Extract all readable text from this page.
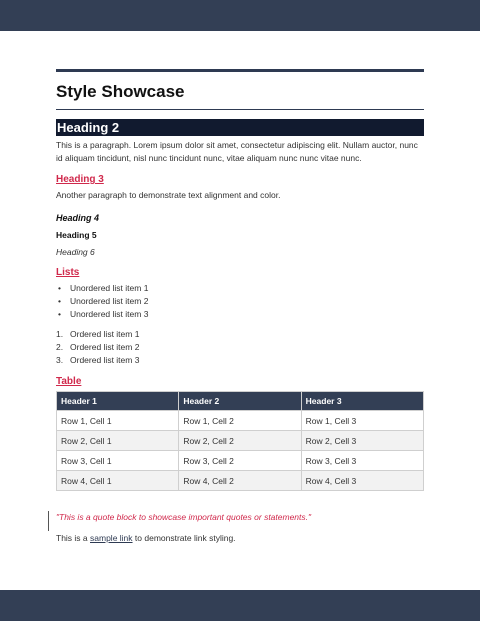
Style Showcase
Heading 2

This is a paragraph. Lorem ipsum dolor sit amet, consectetur adipiscing elit. Nullam auctor, nunc id aliquam tincidunt, nisl nunc tincidunt nunc, vitae aliquam nunc nunc vitae nunc.

Heading 3

Another paragraph to demonstrate text alignment and color.

Heading 4
Heading 5
Heading 6
Lists
• Unordered list item 1
• Unordered list item 2
• Unordered list item 3
1. Ordered list item 1
2. Ordered list item 2
3. Ordered list item 3
Table
Header 1	Header 2	Header 3
Row 1, Cell 1	Row 1, Cell 2	Row 1, Cell 3
Row 2, Cell 1	Row 2, Cell 2	Row 2, Cell 3
Row 3, Cell 1	Row 3, Cell 2	Row 3, Cell 3
Row 4, Cell 1	Row 4, Cell 2	Row 4, Cell 3

"This is a quote block to showcase important quotes or statements."

This is a sample link to demonstrate link styling.
